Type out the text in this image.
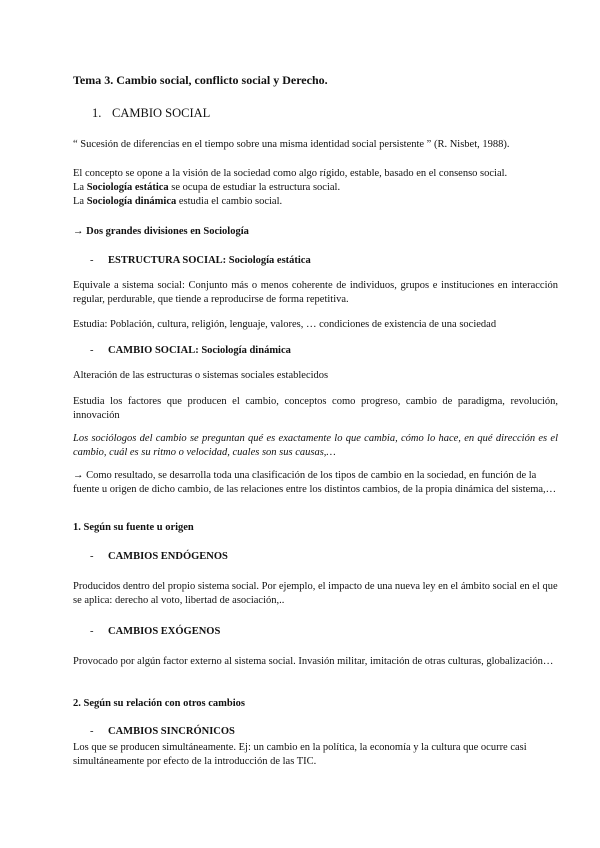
Tema 3. Cambio social, conflicto social y Derecho.

1. CAMBIO SOCIAL

“ Sucesión de diferencias en el tiempo sobre una misma identidad social persistente ” (R. Nisbet, 1988).

El concepto se opone a la visión de la sociedad como algo rígido, estable, basado en el consenso social.

La Sociología estática se ocupa de estudiar la estructura social.

La Sociología dinámica estudia el cambio social.

→ Dos grandes divisiones en Sociología

- ESTRUCTURA SOCIAL: Sociología estática

Equivale a sistema social: Conjunto más o menos coherente de individuos, grupos e instituciones en interacción regular, perdurable, que tiende a reproducirse de forma repetitiva.

Estudia: Población, cultura, religión, lenguaje, valores, … condiciones de existencia de una sociedad

- CAMBIO SOCIAL: Sociología dinámica

Alteración de las estructuras o sistemas sociales establecidos

Estudia los factores que producen el cambio, conceptos como progreso, cambio de paradigma, revolución, innovación

Los sociólogos del cambio se preguntan qué es exactamente lo que cambia, cómo lo hace, en qué dirección es el cambio, cuál es su ritmo o velocidad, cuales son sus causas,…

→ Como resultado, se desarrolla toda una clasificación de los tipos de cambio en la sociedad, en función de la fuente u origen de dicho cambio, de las relaciones entre los distintos cambios, de la propia dinámica del sistema,…

1. Según su fuente u origen

- CAMBIOS ENDÓGENOS

Producidos dentro del propio sistema social. Por ejemplo, el impacto de una nueva ley en el ámbito social en el que se aplica: derecho al voto, libertad de asociación,..

- CAMBIOS EXÓGENOS

Provocado por algún factor externo al sistema social. Invasión militar, imitación de otras culturas, globalización…

2. Según su relación con otros cambios

- CAMBIOS SINCRÓNICOS

Los que se producen simultáneamente. Ej: un cambio en la política, la economía y la cultura que ocurre casi simultáneamente por efecto de la introducción de las TIC.
